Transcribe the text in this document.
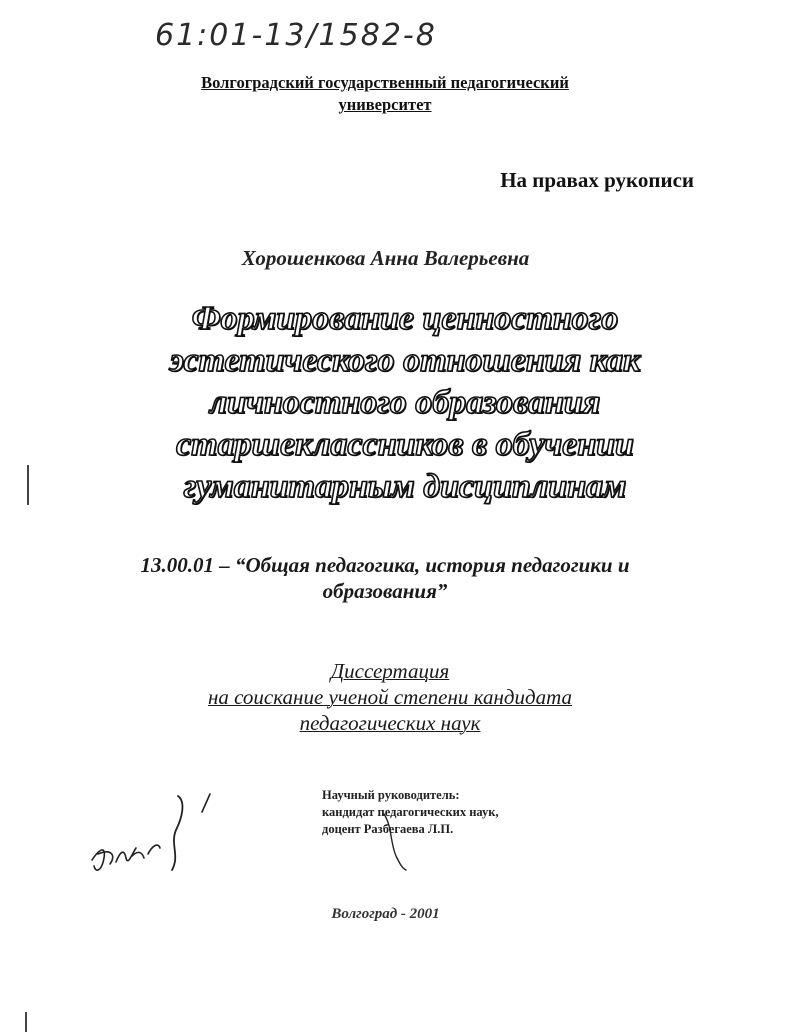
61:01-13/1582-8
Волгоградский государственный педагогический
университет
На правах рукописи
Хорошенкова Анна Валерьевна
Формирование ценностного
эстетического отношения как
личностного образования
старшеклассников в обучении
гуманитарным дисциплинам
13.00.01 – “Общая педагогика, история педагогики и
образования”
Диссертация
на соискание ученой степени кандидата
педагогических наук
Научный руководитель:
кандидат педагогических наук,
доцент Разбегаева Л.П.
Волгоград - 2001
